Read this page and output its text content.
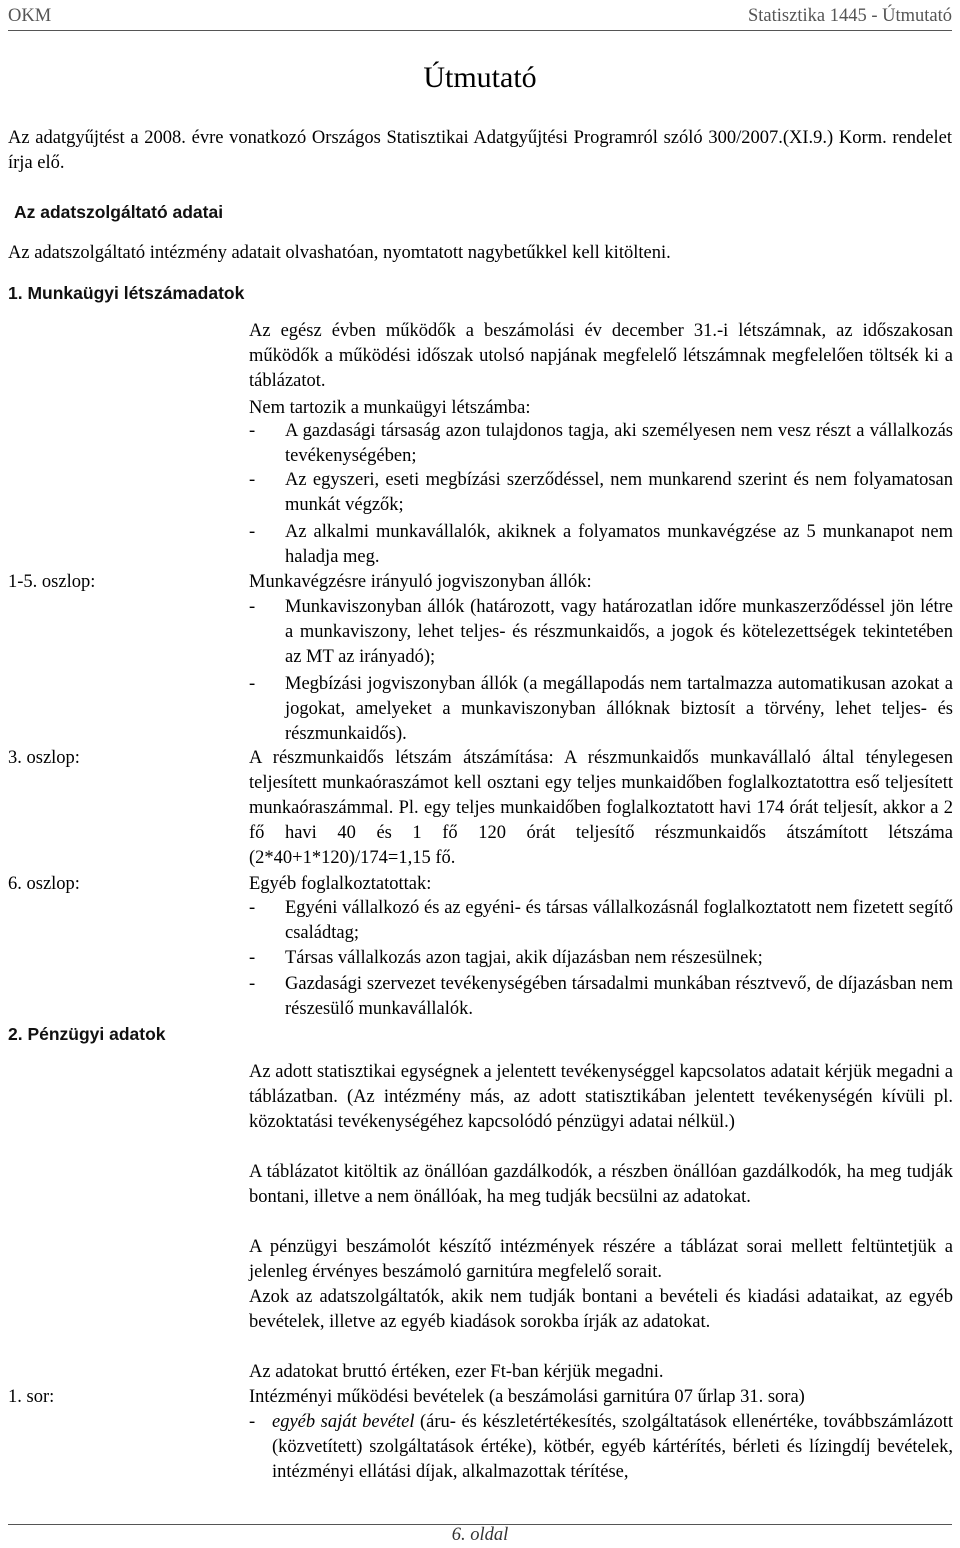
OKM	Statisztika 1445 - Útmutató
Útmutató
Az adatgyűjtést a 2008. évre vonatkozó Országos Statisztikai Adatgyűjtési Programról szóló 300/2007.(XI.9.) Korm. rendelet írja elő.
Az adatszolgáltató adatai
Az adatszolgáltató intézmény adatait olvashatóan, nyomtatott nagybetűkkel kell kitölteni.
1. Munkaügyi létszámadatok
Az egész évben működők a beszámolási év december 31.-i létszámnak, az időszakosan működők a működési időszak utolsó napjának megfelelő létszámnak megfelelően töltsék ki a táblázatot.
Nem tartozik a munkaügyi létszámba:
-	A gazdasági társaság azon tulajdonos tagja, aki személyesen nem vesz részt a vállalkozás tevékenységében;
-	Az egyszeri, eseti megbízási szerződéssel, nem munkarend szerint és nem folyamatosan munkát végzők;
-	Az alkalmi munkavállalók, akiknek a folyamatos munkavégzése az 5 munkanapot nem haladja meg.
1-5. oszlop:	Munkavégzésre irányuló jogviszonyban állók:
-	Munkaviszonyban állók (határozott, vagy határozatlan időre munkaszerződéssel jön létre a munkaviszony, lehet teljes- és részmunkaidős, a jogok és kötelezettségek tekintetében az MT az irányadó);
-	Megbízási jogviszonyban állók (a megállapodás nem tartalmazza automatikusan azokat a jogokat, amelyeket a munkaviszonyban állóknak biztosít a törvény, lehet teljes- és részmunkaidős).
3. oszlop:	A részmunkaidős létszám átszámítása: A részmunkaidős munkavállaló által ténylegesen teljesített munkaóraszámot kell osztani egy teljes munkaidőben foglalkoztatottra eső teljesített munkaóraszámmal. Pl. egy teljes munkaidőben foglalkoztatott havi 174 órát teljesít, akkor a 2 fő havi 40 és 1 fő 120 órát teljesítő részmunkaidős átszámított létszáma (2*40+1*120)/174=1,15 fő.
6. oszlop:	Egyéb foglalkoztatottak:
-	Egyéni vállalkozó és az egyéni- és társas vállalkozásnál foglalkoztatott nem fizetett segítő családtag;
-	Társas vállalkozás azon tagjai, akik díjazásban nem részesülnek;
-	Gazdasági szervezet tevékenységében társadalmi munkában résztvevő, de díjazásban nem részesülő munkavállalók.
2. Pénzügyi adatok
Az adott statisztikai egységnek a jelentett tevékenységgel kapcsolatos adatait kérjük megadni a táblázatban. (Az intézmény más, az adott statisztikában jelentett tevékenységén kívüli pl. közoktatási tevékenységéhez kapcsolódó pénzügyi adatai nélkül.)
A táblázatot kitöltik az önállóan gazdálkodók, a részben önállóan gazdálkodók, ha meg tudják bontani, illetve a nem önállóak, ha meg tudják becsülni az adatokat.
A pénzügyi beszámolót készítő intézmények részére a táblázat sorai mellett feltüntetjük a jelenleg érvényes beszámoló garnitúra megfelelő sorait.
Azok az adatszolgáltatók, akik nem tudják bontani a bevételi és kiadási adataikat, az egyéb bevételek, illetve az egyéb kiadások sorokba írják az adatokat.
Az adatokat bruttó értéken, ezer Ft-ban kérjük megadni.
1. sor:	Intézményi működési bevételek (a beszámolási garnitúra 07 űrlap 31. sora)
- egyéb saját bevétel (áru- és készletértékesítés, szolgáltatások ellenértéke, továbbszámlázott (közvetített) szolgáltatások értéke), kötbér, egyéb kártérítés, bérleti és lízingdíj bevételek, intézményi ellátási díjak, alkalmazottak térítése,
6. oldal
